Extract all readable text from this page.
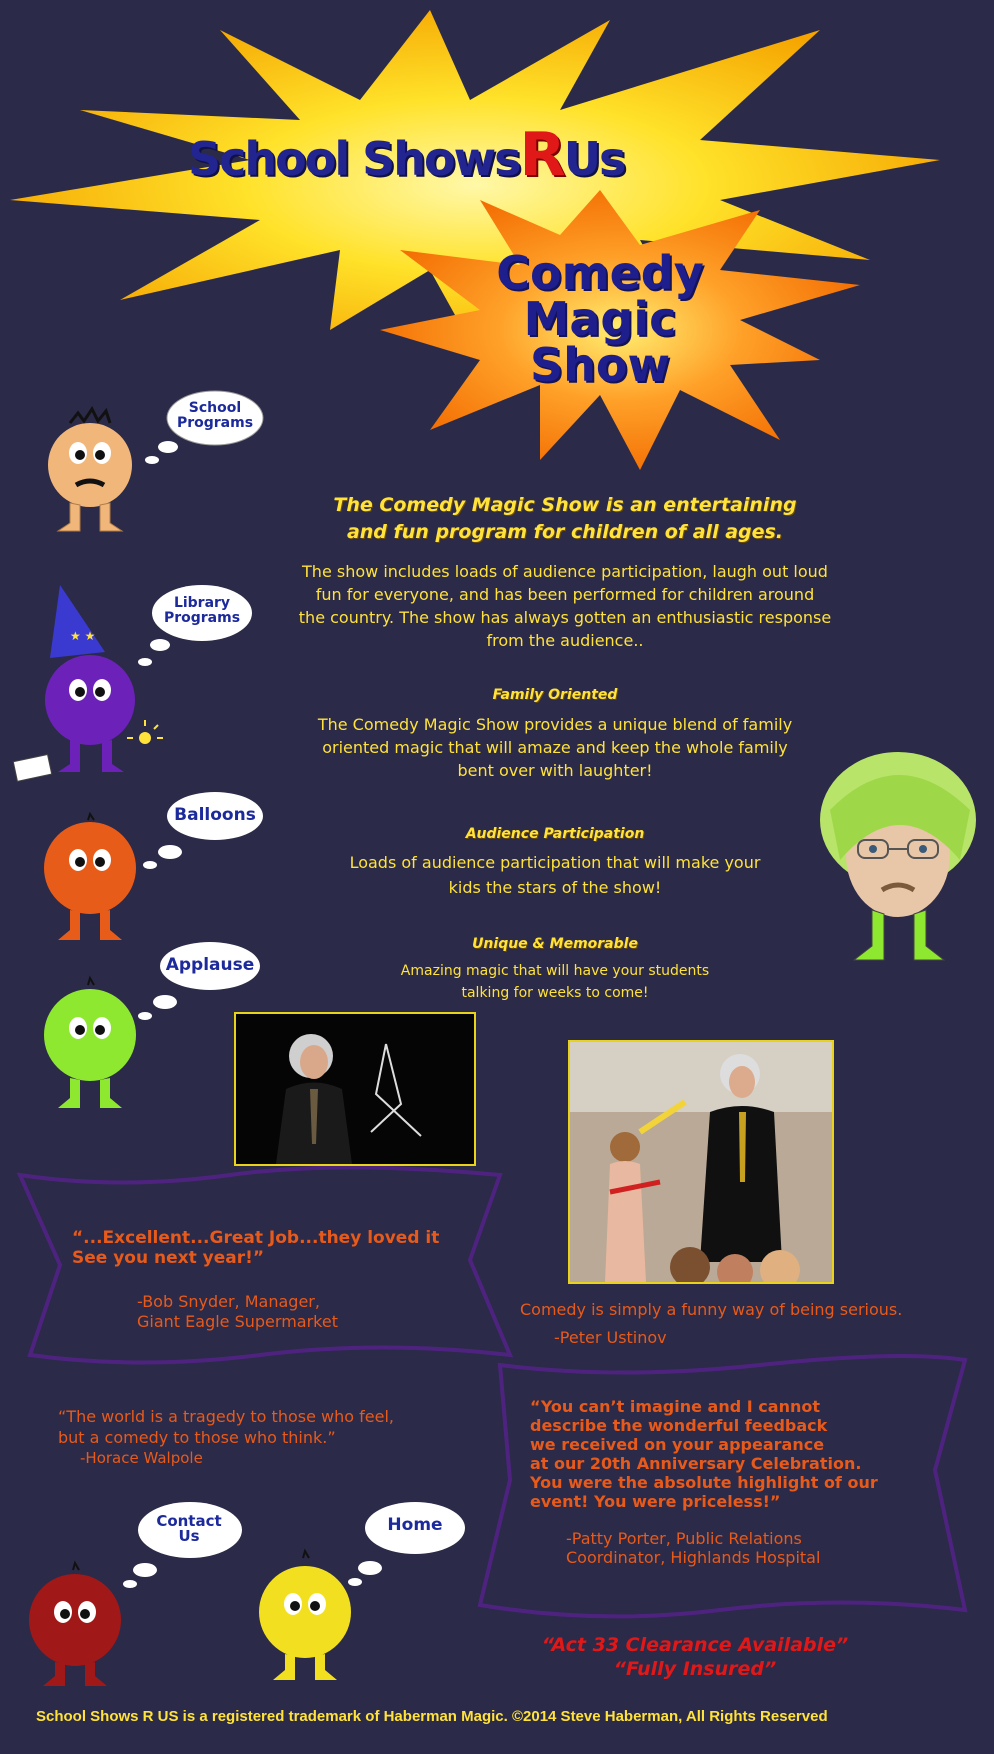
School ShowsRUs
Comedy
Magic
Show
School
Programs
★ ★
Library
Programs
Balloons
Applause
The Comedy Magic Show is an entertaining
and fun program for children of all ages.
The show includes loads of audience participation, laugh out loud
fun for everyone, and has been performed for children around
the country. The show has always gotten an enthusiastic response
from the audience..
Family Oriented
The Comedy Magic Show provides a unique blend of family
oriented magic that will amaze and keep the whole family
bent over with laughter!
Audience Participation
Loads of audience participation that will make your
kids the stars of the show!
Unique & Memorable
Amazing magic that will have your students
talking for weeks to come!
“...Excellent...Great Job...they loved it
See you next year!”
-Bob Snyder, Manager,
Giant Eagle Supermarket
Comedy is simply a funny way of being serious.
-Peter Ustinov
“The world is a tragedy to those who feel,
but a comedy to those who think.”
-Horace Walpole
“You can’t imagine and I cannot
describe the wonderful feedback
we received on your appearance
at our 20th Anniversary Celebration.
You were the absolute highlight of our
event! You were priceless!”
-Patty Porter, Public Relations
Coordinator, Highlands Hospital
Contact
Us
Home
“Act 33 Clearance Available”
“Fully Insured”
School Shows R US is a registered trademark of Haberman Magic. ©2014 Steve Haberman, All Rights Reserved
